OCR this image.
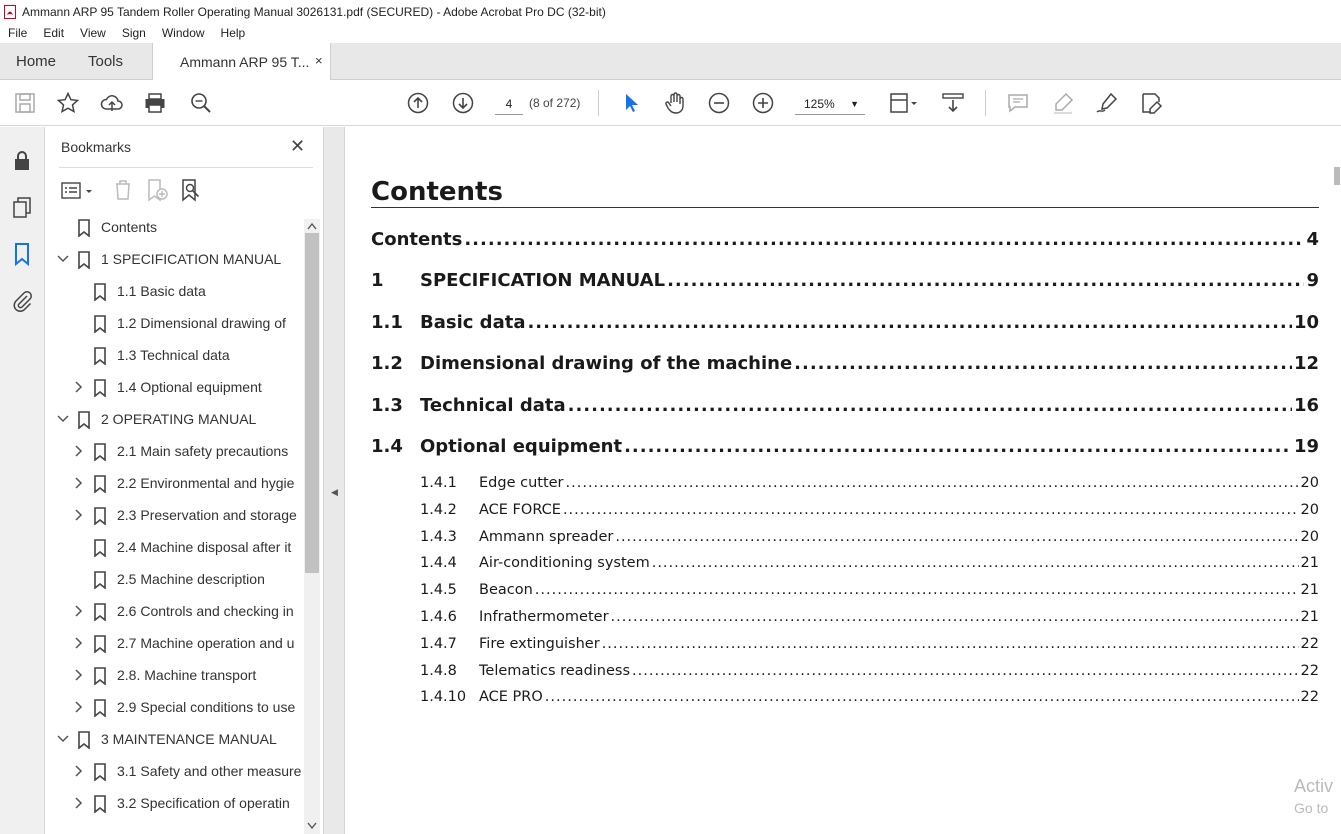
Ammann ARP 95 Tandem Roller Operating Manual 3026131.pdf (SECURED) - Adobe Acrobat Pro DC (32-bit)
File	Edit	View	Sign	Window	Help
Home Tools	Ammann ARP 95 T... ×
4	(8 of 272)	125% ▼
Bookmarks	✕
Contents
1 SPECIFICATION MANUAL
1.1 Basic data
1.2 Dimensional drawing of
1.3 Technical data
1.4 Optional equipment
2 OPERATING MANUAL
2.1 Main safety precautions
2.2 Environmental and hygie
2.3 Preservation and storage
2.4 Machine disposal after it
2.5 Machine description
2.6 Controls and checking in
2.7 Machine operation and u
2.8. Machine transport
2.9 Special conditions to use
3 MAINTENANCE MANUAL
3.1 Safety and other measure
3.2 Specification of operatin
◀
Contents
Contents .....	4
1	SPECIFICATION MANUAL .....	9
1.1 Basic data .....	10
1.2 Dimensional drawing of the machine .....	12
1.3 Technical data .....	16
1.4 Optional equipment .....	19
1.4.1	Edge cutter .....	20
1.4.2	ACE FORCE .....	20
1.4.3	Ammann spreader .....	20
1.4.4	Air-conditioning system .....	21
1.4.5	Beacon .....	21
1.4.6	Infrathermometer .....	21
1.4.7	Fire extinguisher .....	22
1.4.8	Telematics readiness .....	22
1.4.10 ACE PRO .....	22
Activ
Go to
